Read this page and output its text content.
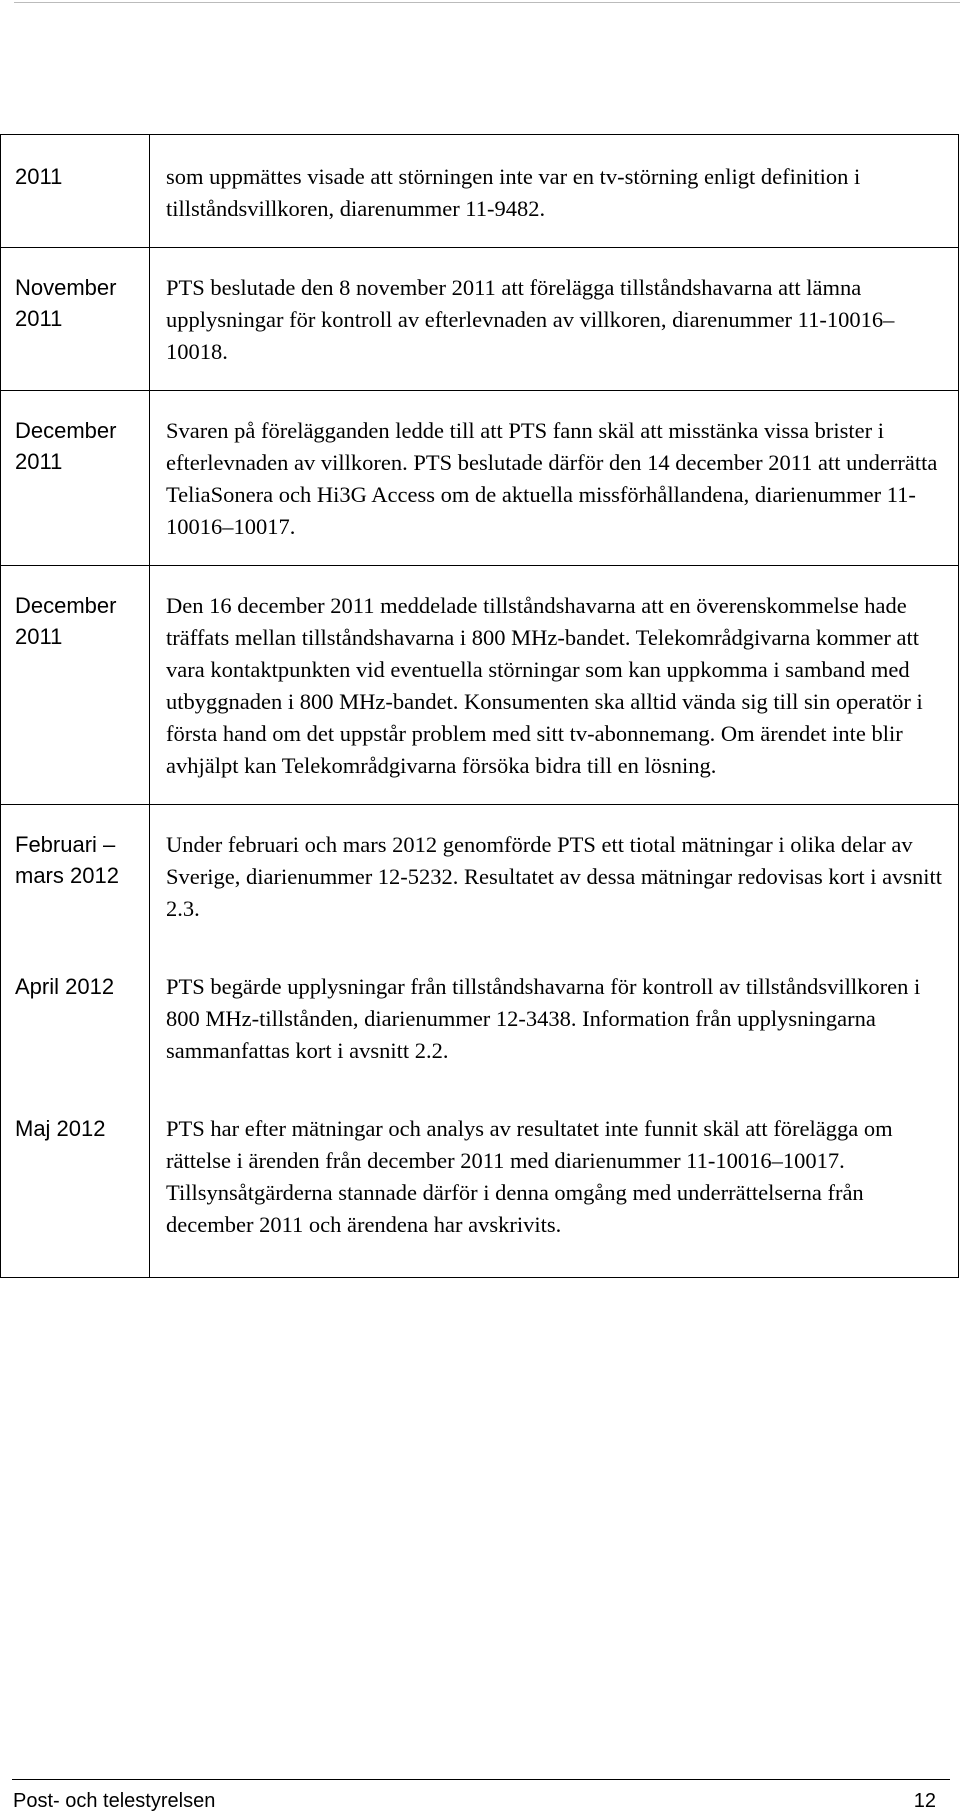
2011	som uppmättes visade att störningen inte var en tv-störning enligt definition i tillståndsvillkoren, diarenummer 11-9482.
November 2011	PTS beslutade den 8 november 2011 att förelägga tillståndshavarna att lämna upplysningar för kontroll av efterlevnaden av villkoren, diarenummer 11-10016–10018.
December 2011	Svaren på förelägganden ledde till att PTS fann skäl att misstänka vissa brister i efterlevnaden av villkoren. PTS beslutade därför den 14 december 2011 att underrätta TeliaSonera och Hi3G Access om de aktuella missförhållandena, diarienummer 11-10016–10017.
December 2011	Den 16 december 2011 meddelade tillståndshavarna att en överenskommelse hade träffats mellan tillståndshavarna i 800 MHz-bandet. Telekområdgivarna kommer att vara kontaktpunkten vid eventuella störningar som kan uppkomma i samband med utbyggnaden i 800 MHz-bandet. Konsumenten ska alltid vända sig till sin operatör i första hand om det uppstår problem med sitt tv-abonnemang. Om ärendet inte blir avhjälpt kan Telekområdgivarna försöka bidra till en lösning.
Februari – mars 2012	Under februari och mars 2012 genomförde PTS ett tiotal mätningar i olika delar av Sverige, diarienummer 12-5232. Resultatet av dessa mätningar redovisas kort i avsnitt 2.3.
April 2012	PTS begärde upplysningar från tillståndshavarna för kontroll av tillståndsvillkoren i 800 MHz-tillstånden, diarienummer 12-3438. Information från upplysningarna sammanfattas kort i avsnitt 2.2.
Maj 2012	PTS har efter mätningar och analys av resultatet inte funnit skäl att förelägga om rättelse i ärenden från december 2011 med diarienummer 11-10016–10017. Tillsynsåtgärderna stannade därför i denna omgång med underrättelserna från december 2011 och ärendena har avskrivits.
Post- och telestyrelsen	12
